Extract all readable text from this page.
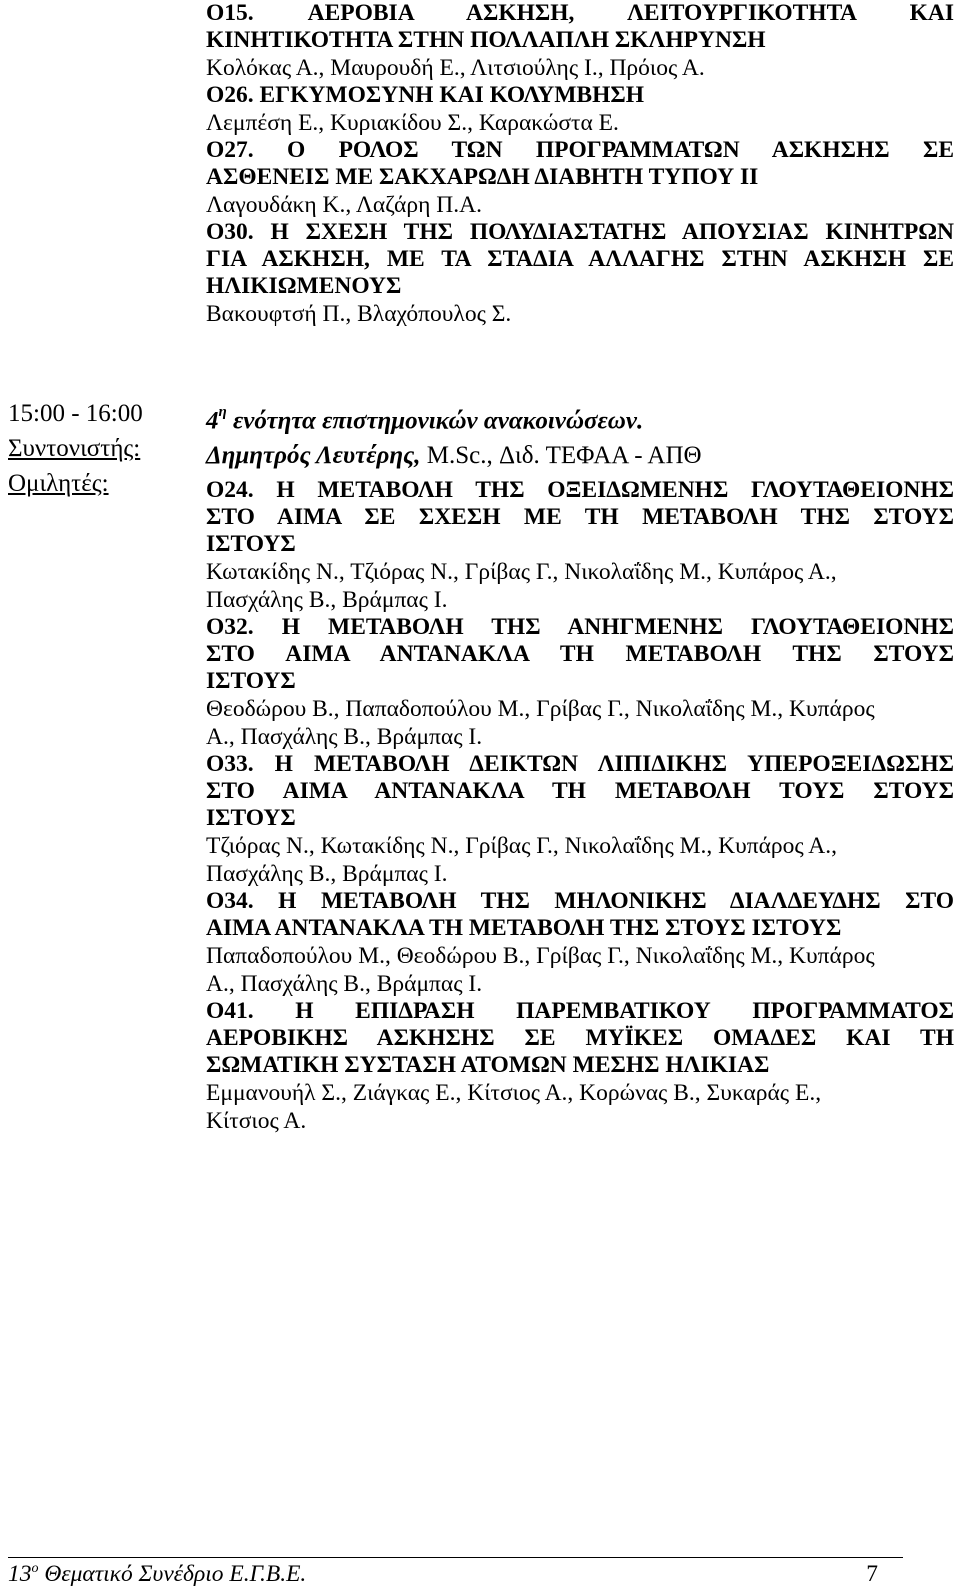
O15. ΑΕΡΟΒΙΑ ΑΣΚΗΣΗ, ΛΕΙΤΟΥΡΓΙΚΟΤΗΤΑ ΚΑΙ
ΚΙΝΗΤΙΚΟΤΗΤΑ ΣΤΗΝ ΠΟΛΛΑΠΛΗ ΣΚΛΗΡΥΝΣΗ
Κολόκας Α., Μαυρουδή Ε., Λιτσιούλης Ι., Πρόιος Α.
O26. ΕΓΚΥΜΟΣΥΝΗ ΚΑΙ ΚΟΛΥΜΒΗΣΗ
Λεμπέση Ε., Κυριακίδου Σ., Καρακώστα Ε.
O27. Ο ΡΟΛΟΣ ΤΩΝ ΠΡΟΓΡΑΜΜΑΤΩΝ ΑΣΚΗΣΗΣ ΣΕ
ΑΣΘΕΝΕΙΣ ΜΕ ΣΑΚΧΑΡΩΔΗ ΔΙΑΒΗΤΗ ΤΥΠΟΥ ΙΙ
Λαγουδάκη Κ., Λαζάρη Π.Α.
O30. Η ΣΧΕΣΗ ΤΗΣ ΠΟΛΥΔΙΑΣΤΑΤΗΣ ΑΠΟΥΣΙΑΣ ΚΙΝΗΤΡΩΝ
ΓΙΑ ΑΣΚΗΣΗ, ΜΕ ΤΑ ΣΤΑΔΙΑ ΑΛΛΑΓΗΣ ΣΤΗΝ ΑΣΚΗΣΗ ΣΕ
ΗΛΙΚΙΩΜΕΝΟΥΣ
Βακουφτσή Π., Βλαχόπουλος Σ.
15:00 - 16:00
Συντονιστής:
Ομιλητές:
$4^\eta$ ενότητα επιστημονικών ανακοινώσεων.
Δημητρός Λευτέρης, M.Sc., Διδ. ΤΕΦΑΑ - ΑΠΘ
O24. Η ΜΕΤΑΒΟΛΗ ΤΗΣ ΟΞΕΙΔΩΜΕΝΗΣ ΓΛΟΥΤΑΘΕΙΟΝΗΣ
ΣΤΟ ΑΙΜΑ ΣΕ ΣΧΕΣΗ ΜΕ ΤΗ ΜΕΤΑΒΟΛΗ ΤΗΣ ΣΤΟΥΣ
ΙΣΤΟΥΣ
Κωτακίδης Ν., Τζιόρας Ν., Γρίβας Γ., Νικολαΐδης Μ., Κυπάρος Α.,
Πασχάλης Β., Βράμπας Ι.
O32. Η ΜΕΤΑΒΟΛΗ ΤΗΣ ΑΝΗΓΜΕΝΗΣ ΓΛΟΥΤΑΘΕΙΟΝΗΣ
ΣΤΟ ΑΙΜΑ ΑΝΤΑΝΑΚΛΑ ΤΗ ΜΕΤΑΒΟΛΗ ΤΗΣ ΣΤΟΥΣ
ΙΣΤΟΥΣ
Θεοδώρου Β., Παπαδοπούλου Μ., Γρίβας Γ., Νικολαΐδης Μ., Κυπάρος
Α., Πασχάλης Β., Βράμπας Ι.
O33. Η ΜΕΤΑΒΟΛΗ ΔΕΙΚΤΩΝ ΛΙΠΙΔΙΚΗΣ ΥΠΕΡΟΞΕΙΔΩΣΗΣ
ΣΤΟ ΑΙΜΑ ΑΝΤΑΝΑΚΛΑ ΤΗ ΜΕΤΑΒΟΛΗ ΤΟΥΣ ΣΤΟΥΣ
ΙΣΤΟΥΣ
Τζιόρας Ν., Κωτακίδης Ν., Γρίβας Γ., Νικολαΐδης Μ., Κυπάρος Α.,
Πασχάλης Β., Βράμπας Ι.
O34. Η ΜΕΤΑΒΟΛΗ ΤΗΣ ΜΗΛΟΝΙΚΗΣ ΔΙΑΛΔΕΥΔΗΣ ΣΤΟ
ΑΙΜΑ ΑΝΤΑΝΑΚΛΑ ΤΗ ΜΕΤΑΒΟΛΗ ΤΗΣ ΣΤΟΥΣ ΙΣΤΟΥΣ
Παπαδοπούλου Μ., Θεοδώρου Β., Γρίβας Γ., Νικολαΐδης Μ., Κυπάρος
Α., Πασχάλης Β., Βράμπας Ι.
O41. Η ΕΠΙΔΡΑΣΗ ΠΑΡΕΜΒΑΤΙΚΟΥ ΠΡΟΓΡΑΜΜΑΤΟΣ
ΑΕΡΟΒΙΚΗΣ ΑΣΚΗΣΗΣ ΣΕ ΜΥΪΚΕΣ ΟΜΑΔΕΣ ΚΑΙ ΤΗ
ΣΩΜΑΤΙΚΗ ΣΥΣΤΑΣΗ ΑΤΟΜΩΝ ΜΕΣΗΣ ΗΛΙΚΙΑΣ
Εμμανουήλ Σ., Ζιάγκας Ε., Κίτσιος Α., Κορώνας Β., Συκαράς Ε.,
Κίτσιος Α.
$13^o$ Θεματικό Συνέδριο Ε.Γ.Β.Ε.	7
